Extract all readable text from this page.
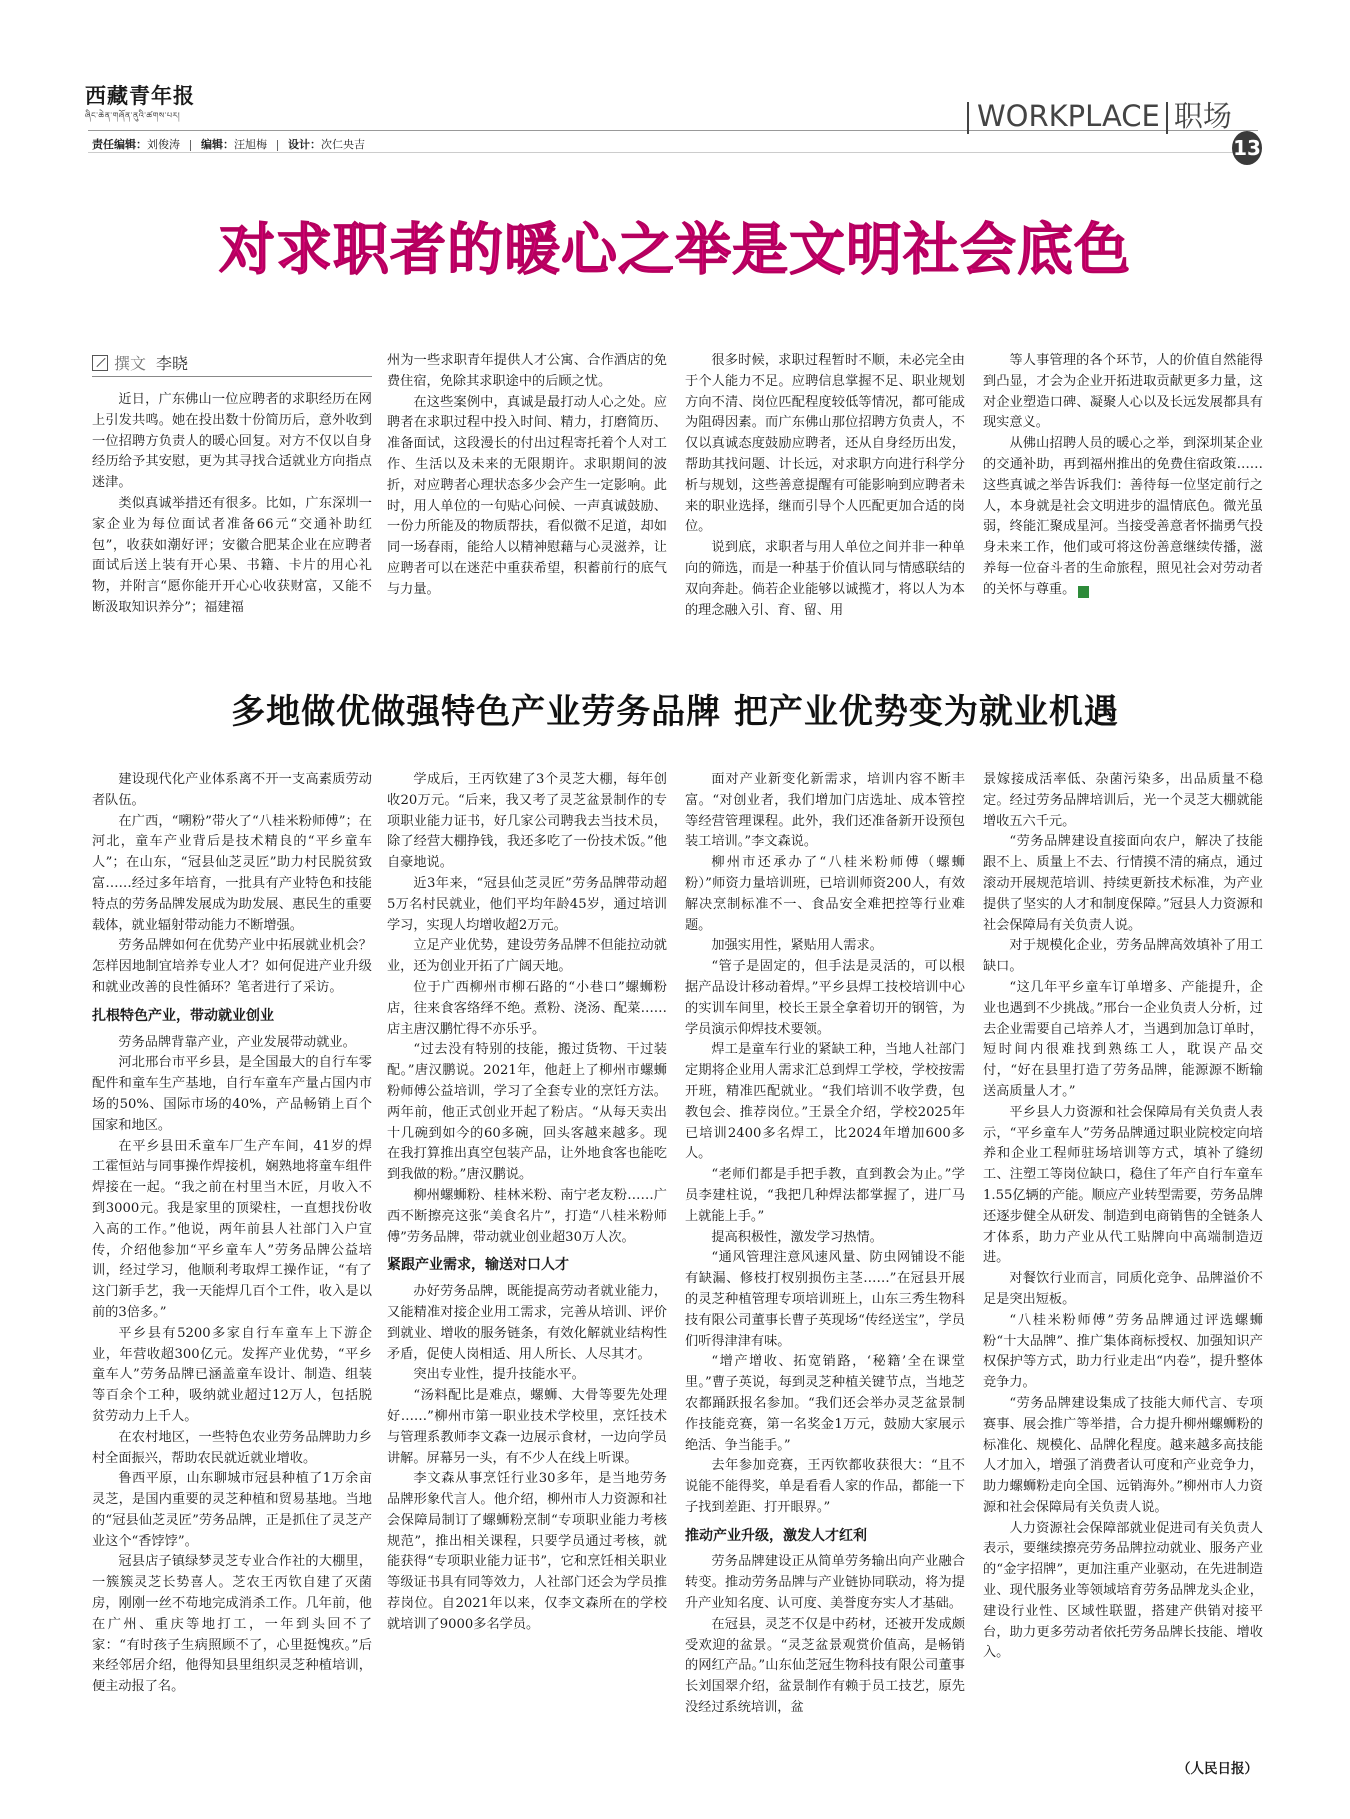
西藏青年报
ཞིང་ཆེན་གཞོན་ནུའི་ཚགས་པར།
责任编辑：刘俊涛 编辑：汪旭梅 设计：次仁央吉
WORKPLACE 职场
13
对求职者的暖心之举是文明社会底色
撰文 李晓

近日，广东佛山一位应聘者的求职经历在网上引发共鸣。她在投出数十份简历后，意外收到一位招聘方负责人的暖心回复。对方不仅以自身经历给予其安慰，更为其寻找合适就业方向指点迷津。

类似真诚举措还有很多。比如，广东深圳一家企业为每位面试者准备66元“交通补助红包”，收获如潮好评；安徽合肥某企业在应聘者面试后送上装有开心果、书籍、卡片的用心礼物，并附言“愿你能开开心心收获财富，又能不断汲取知识养分”；福建福

州为一些求职青年提供人才公寓、合作酒店的免费住宿，免除其求职途中的后顾之忧。

在这些案例中，真诚是最打动人心之处。应聘者在求职过程中投入时间、精力，打磨简历、准备面试，这段漫长的付出过程寄托着个人对工作、生活以及未来的无限期许。求职期间的波折，对应聘者心理状态多少会产生一定影响。此时，用人单位的一句贴心问候、一声真诚鼓励、一份力所能及的物质帮扶，看似微不足道，却如同一场春雨，能给人以精神慰藉与心灵滋养，让应聘者可以在迷茫中重获希望，积蓄前行的底气与力量。

很多时候，求职过程暂时不顺，未必完全由于个人能力不足。应聘信息掌握不足、职业规划方向不清、岗位匹配程度较低等情况，都可能成为阻碍因素。而广东佛山那位招聘方负责人，不仅以真诚态度鼓励应聘者，还从自身经历出发，帮助其找问题、计长远，对求职方向进行科学分析与规划，这些善意提醒有可能影响到应聘者未来的职业选择，继而引导个人匹配更加合适的岗位。

说到底，求职者与用人单位之间并非一种单向的筛选，而是一种基于价值认同与情感联结的双向奔赴。倘若企业能够以诚揽才，将以人为本的理念融入引、育、留、用

等人事管理的各个环节，人的价值自然能得到凸显，才会为企业开拓进取贡献更多力量，这对企业塑造口碑、凝聚人心以及长远发展都具有现实意义。

从佛山招聘人员的暖心之举，到深圳某企业的交通补助，再到福州推出的免费住宿政策……这些真诚之举告诉我们：善待每一位坚定前行之人，本身就是社会文明进步的温情底色。微光虽弱，终能汇聚成星河。当接受善意者怀揣勇气投身未来工作，他们或可将这份善意继续传播，滋养每一位奋斗者的生命旅程，照见社会对劳动者的关怀与尊重。	青

多地做优做强特色产业劳务品牌 把产业优势变为就业机遇

建设现代化产业体系离不开一支高素质劳动者队伍。

在广西，“嗍粉”带火了“八桂米粉师傅”；在河北，童车产业背后是技术精良的“平乡童车人”；在山东，“冠县仙芝灵匠”助力村民脱贫致富……经过多年培育，一批具有产业特色和技能特点的劳务品牌发展成为助发展、惠民生的重要载体，就业辐射带动能力不断增强。

劳务品牌如何在优势产业中拓展就业机会？怎样因地制宜培养专业人才？如何促进产业升级和就业改善的良性循环？笔者进行了采访。

扎根特色产业，带动就业创业

劳务品牌背靠产业，产业发展带动就业。

河北邢台市平乡县，是全国最大的自行车零配件和童车生产基地，自行车童车产量占国内市场的50%、国际市场的40%，产品畅销上百个国家和地区。

在平乡县田禾童车厂生产车间，41岁的焊工霍恒站与同事操作焊接机，娴熟地将童车组件焊接在一起。“我之前在村里当木匠，月收入不到3000元。我是家里的顶梁柱，一直想找份收入高的工作。”他说，两年前县人社部门入户宣传，介绍他参加“平乡童车人”劳务品牌公益培训，经过学习，他顺利考取焊工操作证，“有了这门新手艺，我一天能焊几百个工件，收入是以前的3倍多。”

平乡县有5200多家自行车童车上下游企业，年营收超300亿元。发挥产业优势，“平乡童车人”劳务品牌已涵盖童车设计、制造、组装等百余个工种，吸纳就业超过12万人，包括脱贫劳动力上千人。

在农村地区，一些特色农业劳务品牌助力乡村全面振兴，帮助农民就近就业增收。

鲁西平原，山东聊城市冠县种植了1万余亩灵芝，是国内重要的灵芝种植和贸易基地。当地的“冠县仙芝灵匠”劳务品牌，正是抓住了灵芝产业这个“香饽饽”。

冠县店子镇绿梦灵芝专业合作社的大棚里，一簇簇灵芝长势喜人。芝农王丙钦自建了灭菌房，刚刚一丝不苟地完成消杀工作。几年前，他在广州、重庆等地打工，一年到头回不了家：“有时孩子生病照顾不了，心里挺愧疚。”后来经邻居介绍，他得知县里组织灵芝种植培训，便主动报了名。

学成后，王丙钦建了3个灵芝大棚，每年创收20万元。“后来，我又考了灵芝盆景制作的专项职业能力证书，好几家公司聘我去当技术员，除了经营大棚挣钱，我还多吃了一份技术饭。”他自豪地说。

近3年来，“冠县仙芝灵匠”劳务品牌带动超5万名村民就业，他们平均年龄45岁，通过培训学习，实现人均增收超2万元。

立足产业优势，建设劳务品牌不但能拉动就业，还为创业开拓了广阔天地。

位于广西柳州市柳石路的“小巷口”螺蛳粉店，往来食客络绎不绝。煮粉、浇汤、配菜……店主唐汉鹏忙得不亦乐乎。

“过去没有特别的技能，搬过货物、干过装配。”唐汉鹏说。2021年，他赶上了柳州市螺蛳粉师傅公益培训，学习了全套专业的烹饪方法。两年前，他正式创业开起了粉店。“从每天卖出十几碗到如今的60多碗，回头客越来越多。现在我打算推出真空包装产品，让外地食客也能吃到我做的粉。”唐汉鹏说。

柳州螺蛳粉、桂林米粉、南宁老友粉……广西不断擦亮这张“美食名片”，打造“八桂米粉师傅”劳务品牌，带动就业创业超30万人次。

紧跟产业需求，输送对口人才

办好劳务品牌，既能提高劳动者就业能力，又能精准对接企业用工需求，完善从培训、评价到就业、增收的服务链条，有效化解就业结构性矛盾，促使人岗相适、用人所长、人尽其才。

突出专业性，提升技能水平。

“汤料配比是难点，螺蛳、大骨等要先处理好……”柳州市第一职业技术学校里，烹饪技术与管理系教师李文森一边展示食材，一边向学员讲解。屏幕另一头，有不少人在线上听课。

李文森从事烹饪行业30多年，是当地劳务品牌形象代言人。他介绍，柳州市人力资源和社会保障局制订了螺蛳粉烹制“专项职业能力考核规范”，推出相关课程，只要学员通过考核，就能获得“专项职业能力证书”，它和烹饪相关职业等级证书具有同等效力，人社部门还会为学员推荐岗位。自2021年以来，仅李文森所在的学校就培训了9000多名学员。

面对产业新变化新需求，培训内容不断丰富。“对创业者，我们增加门店选址、成本管控等经营管理课程。此外，我们还准备新开设预包装工培训。”李文森说。

柳州市还承办了“八桂米粉师傅（螺蛳粉）”师资力量培训班，已培训师资200人，有效解决烹制标准不一、食品安全难把控等行业难题。

加强实用性，紧贴用人需求。

“管子是固定的，但手法是灵活的，可以根据产品设计移动着焊。”平乡县焊工技校培训中心的实训车间里，校长王景全拿着切开的钢管，为学员演示仰焊技术要领。

焊工是童车行业的紧缺工种，当地人社部门定期将企业用人需求汇总到焊工学校，学校按需开班，精准匹配就业。“我们培训不收学费，包教包会、推荐岗位。”王景全介绍，学校2025年已培训2400多名焊工，比2024年增加600多人。

“老师们都是手把手教，直到教会为止。”学员李建柱说，“我把几种焊法都掌握了，进厂马上就能上手。”

提高积极性，激发学习热情。

“通风管理注意风速风量、防虫网铺设不能有缺漏、修枝打杈别损伤主茎……”在冠县开展的灵芝种植管理专项培训班上，山东三秀生物科技有限公司董事长曹子英现场“传经送宝”，学员们听得津津有味。

“增产增收、拓宽销路，‘秘籍’全在课堂里。”曹子英说，每到灵芝种植关键节点，当地芝农都踊跃报名参加。“我们还会举办灵芝盆景制作技能竞赛，第一名奖金1万元，鼓励大家展示绝活、争当能手。”

去年参加竞赛，王丙钦都收获很大：“且不说能不能得奖，单是看看人家的作品，都能一下子找到差距、打开眼界。”

推动产业升级，激发人才红利

劳务品牌建设正从简单劳务输出向产业融合转变。推动劳务品牌与产业链协同联动，将为提升产业知名度、认可度、美誉度夯实人才基础。

在冠县，灵芝不仅是中药材，还被开发成颇受欢迎的盆景。“灵芝盆景观赏价值高，是畅销的网红产品。”山东仙芝冠生物科技有限公司董事长刘国翠介绍，盆景制作有赖于员工技艺，原先没经过系统培训，盆

景嫁接成活率低、杂菌污染多，出品质量不稳定。经过劳务品牌培训后，光一个灵芝大棚就能增收五六千元。

“劳务品牌建设直接面向农户，解决了技能跟不上、质量上不去、行情摸不清的痛点，通过滚动开展规范培训、持续更新技术标准，为产业提供了坚实的人才和制度保障。”冠县人力资源和社会保障局有关负责人说。

对于规模化企业，劳务品牌高效填补了用工缺口。

“这几年平乡童车订单增多、产能提升，企业也遇到不少挑战。”邢台一企业负责人分析，过去企业需要自己培养人才，当遇到加急订单时，短时间内很难找到熟练工人，耽误产品交付，“好在县里打造了劳务品牌，能源源不断输送高质量人才。”

平乡县人力资源和社会保障局有关负责人表示，“平乡童车人”劳务品牌通过职业院校定向培养和企业工程师驻场培训等方式，填补了缝纫工、注塑工等岗位缺口，稳住了年产自行车童车1.55亿辆的产能。顺应产业转型需要，劳务品牌还逐步健全从研发、制造到电商销售的全链条人才体系，助力产业从代工贴牌向中高端制造迈进。

对餐饮行业而言，同质化竞争、品牌溢价不足是突出短板。

“八桂米粉师傅”劳务品牌通过评选螺蛳粉“十大品牌”、推广集体商标授权、加强知识产权保护等方式，助力行业走出“内卷”，提升整体竞争力。

“劳务品牌建设集成了技能大师代言、专项赛事、展会推广等举措，合力提升柳州螺蛳粉的标准化、规模化、品牌化程度。越来越多高技能人才加入，增强了消费者认可度和产业竞争力，助力螺蛳粉走向全国、远销海外。”柳州市人力资源和社会保障局有关负责人说。

人力资源社会保障部就业促进司有关负责人表示，要继续擦亮劳务品牌拉动就业、服务产业的“金字招牌”，更加注重产业驱动，在先进制造业、现代服务业等领域培育劳务品牌龙头企业，建设行业性、区域性联盟，搭建产供销对接平台，助力更多劳动者依托劳务品牌长技能、增收入。

（人民日报）
